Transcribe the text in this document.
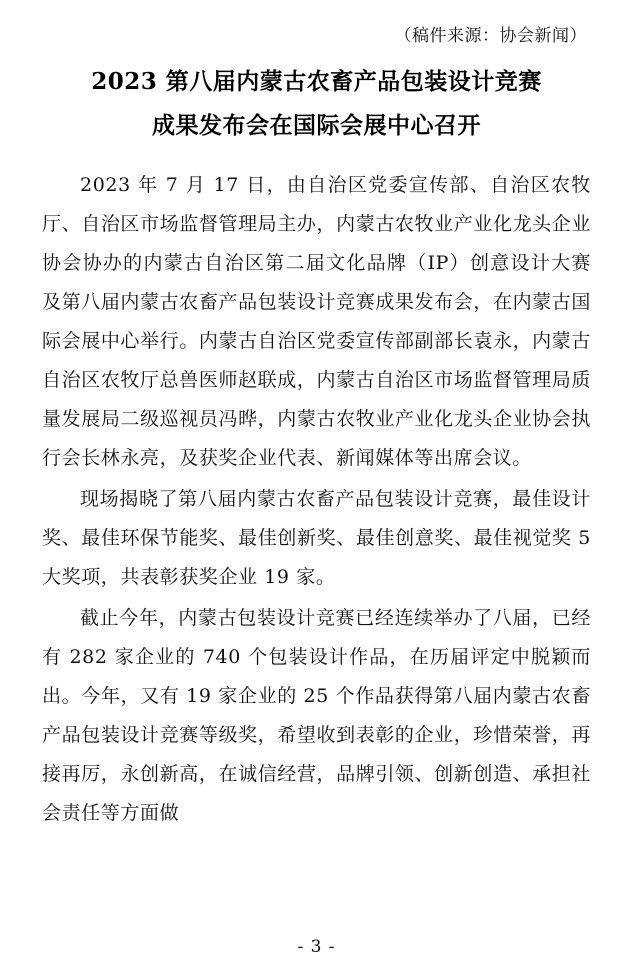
（稿件来源：协会新闻）
2023 第八届内蒙古农畜产品包装设计竞赛
成果发布会在国际会展中心召开

2023 年 7 月 17 日，由自治区党委宣传部、自治区农牧厅、自治区市场监督管理局主办，内蒙古农牧业产业化龙头企业协会协办的内蒙古自治区第二届文化品牌（IP）创意设计大赛及第八届内蒙古农畜产品包装设计竞赛成果发布会，在内蒙古国际会展中心举行。内蒙古自治区党委宣传部副部长袁永，内蒙古自治区农牧厅总兽医师赵联成，内蒙古自治区市场监督管理局质量发展局二级巡视员冯晔，内蒙古农牧业产业化龙头企业协会执行会长林永亮，及获奖企业代表、新闻媒体等出席会议。

现场揭晓了第八届内蒙古农畜产品包装设计竞赛，最佳设计奖、最佳环保节能奖、最佳创新奖、最佳创意奖、最佳视觉奖 5 大奖项，共表彰获奖企业 19 家。

截止今年，内蒙古包装设计竞赛已经连续举办了八届，已经有 282 家企业的 740 个包装设计作品，在历届评定中脱颖而出。今年，又有 19 家企业的 25 个作品获得第八届内蒙古农畜产品包装设计竞赛等级奖，希望收到表彰的企业，珍惜荣誉，再接再厉，永创新高，在诚信经营，品牌引领、创新创造、承担社会责任等方面做

- 3 -
